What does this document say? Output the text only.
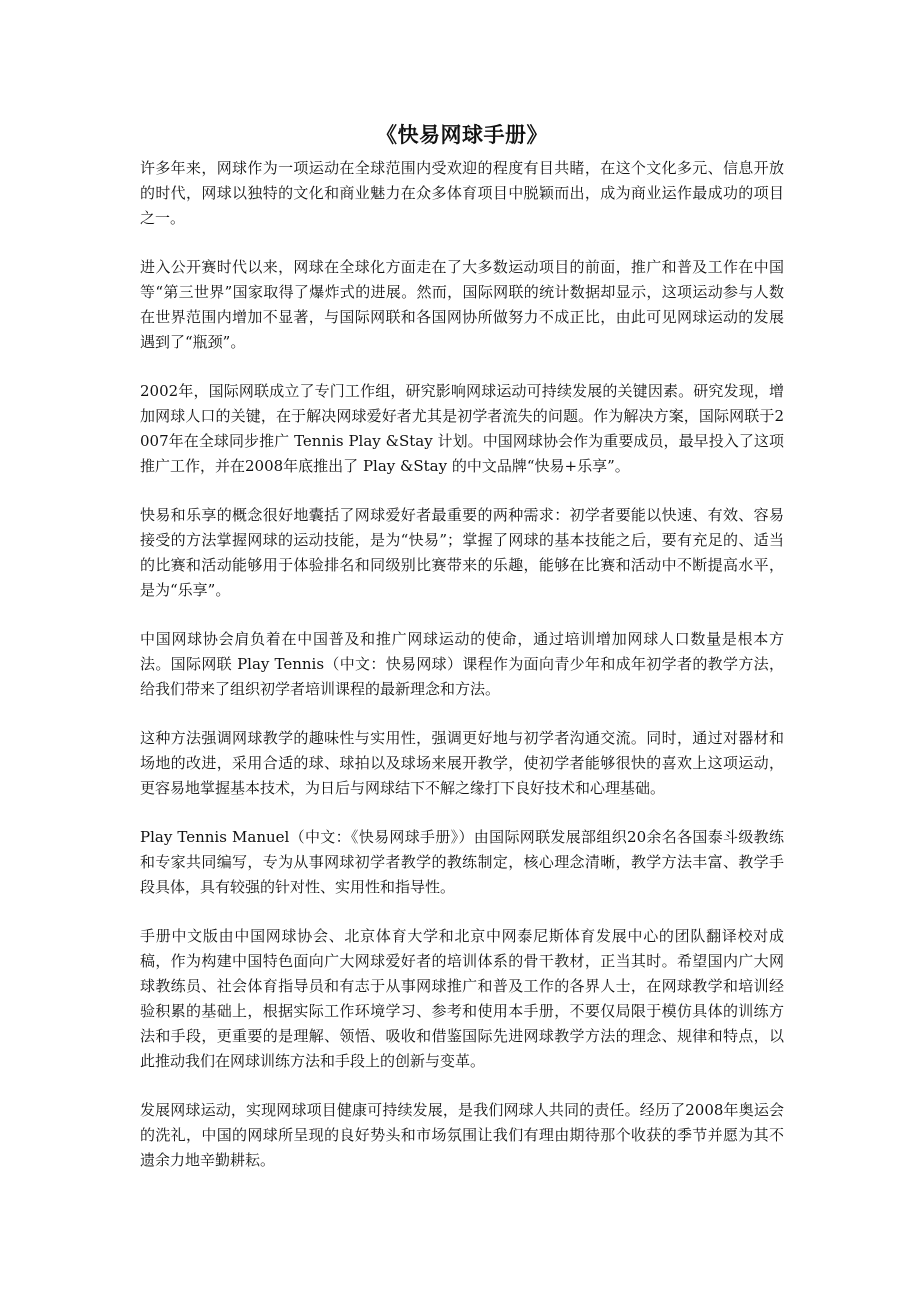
《快易网球手册》

许多年来，网球作为一项运动在全球范围内受欢迎的程度有目共睹，在这个文化多元、信息开放的时代，网球以独特的文化和商业魅力在众多体育项目中脱颖而出，成为商业运作最成功的项目之一。

进入公开赛时代以来，网球在全球化方面走在了大多数运动项目的前面，推广和普及工作在中国等“第三世界”国家取得了爆炸式的进展。然而，国际网联的统计数据却显示，这项运动参与人数在世界范围内增加不显著，与国际网联和各国网协所做努力不成正比，由此可见网球运动的发展遇到了“瓶颈”。

2002年，国际网联成立了专门工作组，研究影响网球运动可持续发展的关键因素。研究发现，增加网球人口的关键，在于解决网球爱好者尤其是初学者流失的问题。作为解决方案，国际网联于2007年在全球同步推广 Tennis Play &Stay 计划。中国网球协会作为重要成员，最早投入了这项推广工作，并在2008年底推出了 Play &Stay 的中文品牌“快易+乐享”。

快易和乐享的概念很好地囊括了网球爱好者最重要的两种需求：初学者要能以快速、有效、容易接受的方法掌握网球的运动技能，是为“快易”；掌握了网球的基本技能之后，要有充足的、适当的比赛和活动能够用于体验排名和同级别比赛带来的乐趣，能够在比赛和活动中不断提高水平，是为“乐享”。

中国网球协会肩负着在中国普及和推广网球运动的使命，通过培训增加网球人口数量是根本方法。国际网联 Play Tennis（中文：快易网球）课程作为面向青少年和成年初学者的教学方法，给我们带来了组织初学者培训课程的最新理念和方法。

这种方法强调网球教学的趣味性与实用性，强调更好地与初学者沟通交流。同时，通过对器材和场地的改进，采用合适的球、球拍以及球场来展开教学，使初学者能够很快的喜欢上这项运动，更容易地掌握基本技术，为日后与网球结下不解之缘打下良好技术和心理基础。

Play Tennis Manuel（中文：《快易网球手册》）由国际网联发展部组织20余名各国泰斗级教练和专家共同编写，专为从事网球初学者教学的教练制定，核心理念清晰，教学方法丰富、教学手段具体，具有较强的针对性、实用性和指导性。

手册中文版由中国网球协会、北京体育大学和北京中网泰尼斯体育发展中心的团队翻译校对成稿，作为构建中国特色面向广大网球爱好者的培训体系的骨干教材，正当其时。希望国内广大网球教练员、社会体育指导员和有志于从事网球推广和普及工作的各界人士，在网球教学和培训经验积累的基础上，根据实际工作环境学习、参考和使用本手册，不要仅局限于模仿具体的训练方法和手段，更重要的是理解、领悟、吸收和借鉴国际先进网球教学方法的理念、规律和特点，以此推动我们在网球训练方法和手段上的创新与变革。

发展网球运动，实现网球项目健康可持续发展，是我们网球人共同的责任。经历了2008年奥运会的洗礼，中国的网球所呈现的良好势头和市场氛围让我们有理由期待那个收获的季节并愿为其不遗余力地辛勤耕耘。
